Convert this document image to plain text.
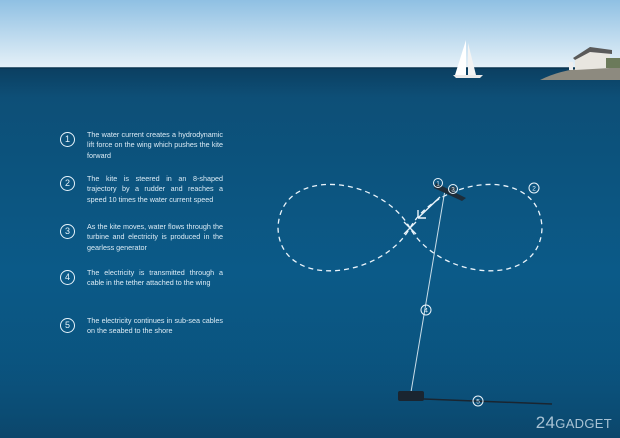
1
3	2
4
5
1	The water current creates a hydrodynamic lift force on the wing which pushes the kite forward
2	The kite is steered in an 8-shaped trajectory by a rudder and reaches a speed 10 times the water current speed
3	As the kite moves, water flows through the turbine and electricity is produced in the gearless generator
4	The electricity is transmitted through a cable in the tether attached to the wing
5	The electricity continues in sub-sea cables on the seabed to the shore
24GADGET
